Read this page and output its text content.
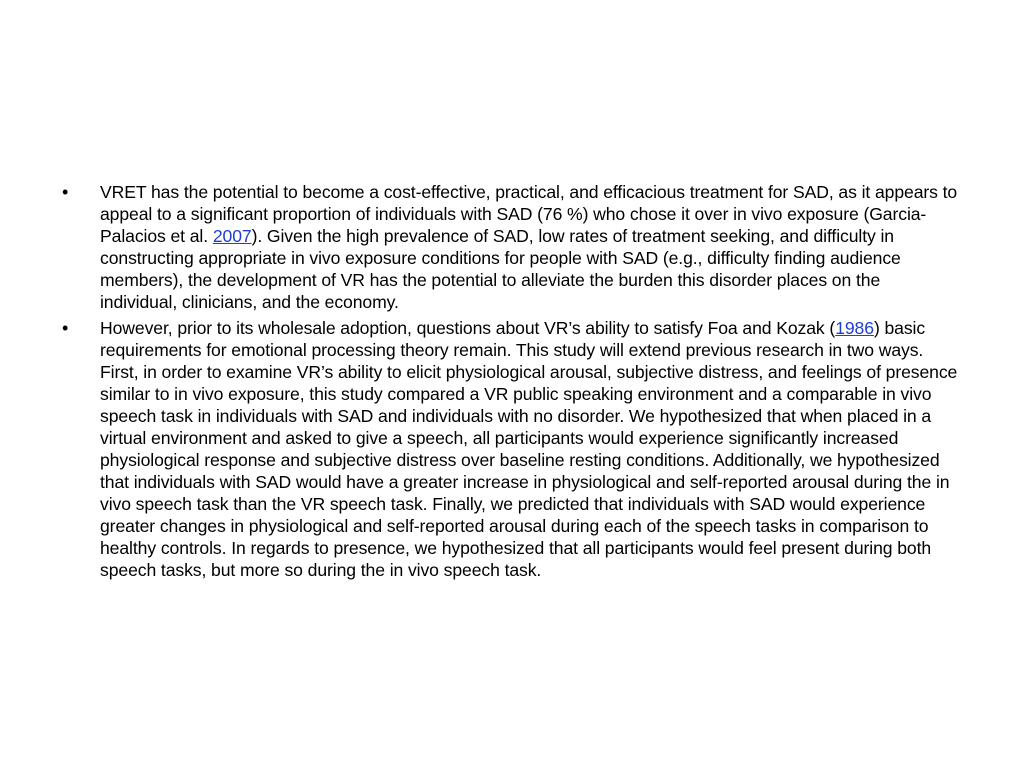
•	VRET has the potential to become a cost-effective, practical, and efficacious treatment for SAD, as it appears to appeal to a significant proportion of individuals with SAD (76 %) who chose it over in vivo exposure (Garcia-Palacios et al. 2007). Given the high prevalence of SAD, low rates of treatment seeking, and difficulty in constructing appropriate in vivo exposure conditions for people with SAD (e.g., difficulty finding audience members), the development of VR has the potential to alleviate the burden this disorder places on the individual, clinicians, and the economy.
•	However, prior to its wholesale adoption, questions about VR’s ability to satisfy Foa and Kozak (1986) basic requirements for emotional processing theory remain. This study will extend previous research in two ways. First, in order to examine VR’s ability to elicit physiological arousal, subjective distress, and feelings of presence similar to in vivo exposure, this study compared a VR public speaking environment and a comparable in vivo speech task in individuals with SAD and individuals with no disorder. We hypothesized that when placed in a virtual environment and asked to give a speech, all participants would experience significantly increased physiological response and subjective distress over baseline resting conditions. Additionally, we hypothesized that individuals with SAD would have a greater increase in physiological and self-reported arousal during the in vivo speech task than the VR speech task. Finally, we predicted that individuals with SAD would experience greater changes in physiological and self-reported arousal during each of the speech tasks in comparison to healthy controls. In regards to presence, we hypothesized that all participants would feel present during both speech tasks, but more so during the in vivo speech task.
